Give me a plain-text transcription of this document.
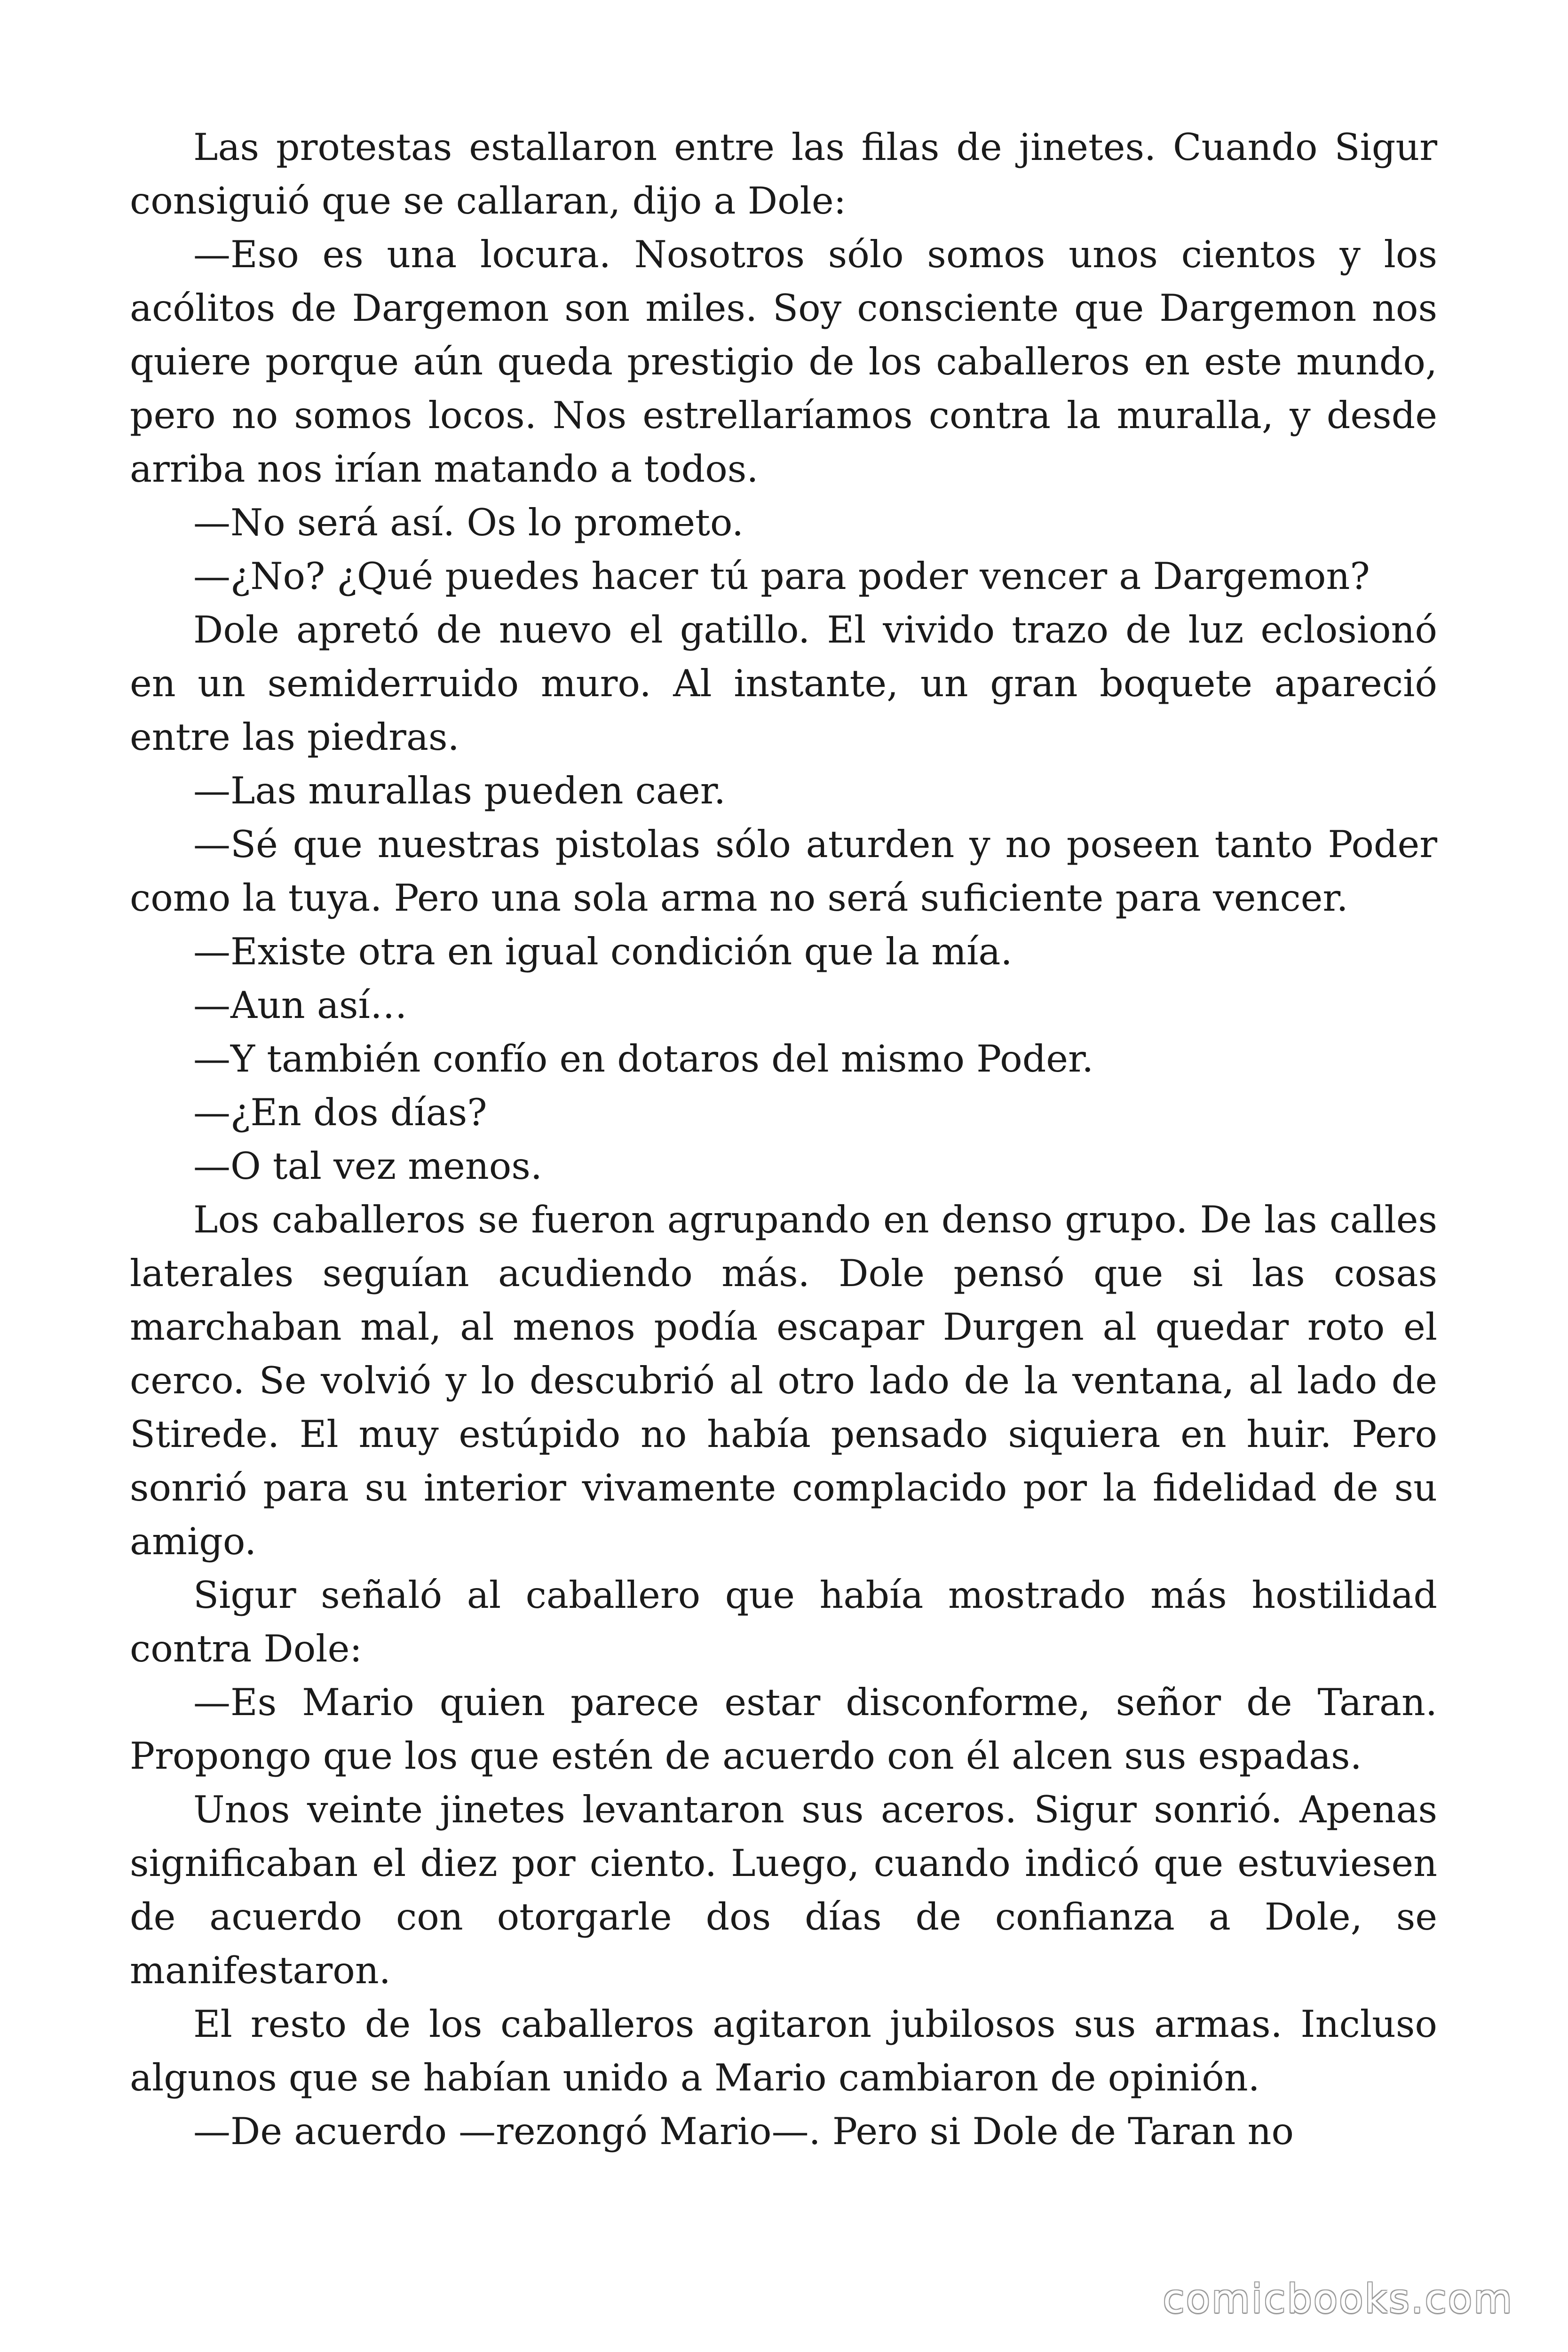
Las protestas estallaron entre las filas de jinetes. Cuando Sigur consiguió que se callaran, dijo a Dole:

—Eso es una locura. Nosotros sólo somos unos cientos y los acólitos de Dargemon son miles. Soy consciente que Dargemon nos quiere porque aún queda prestigio de los caballeros en este mundo, pero no somos locos. Nos estrellaríamos contra la muralla, y desde arriba nos irían matando a todos.

—No será así. Os lo prometo.

—¿No? ¿Qué puedes hacer tú para poder vencer a Dargemon?

Dole apretó de nuevo el gatillo. El vivido trazo de luz eclosionó en un semiderruido muro. Al instante, un gran boquete apareció entre las piedras.

—Las murallas pueden caer.

—Sé que nuestras pistolas sólo aturden y no poseen tanto Poder como la tuya. Pero una sola arma no será suficiente para vencer.

—Existe otra en igual condición que la mía.

—Aun así…

—Y también confío en dotaros del mismo Poder.

—¿En dos días?

—O tal vez menos.

Los caballeros se fueron agrupando en denso grupo. De las calles laterales seguían acudiendo más. Dole pensó que si las cosas marchaban mal, al menos podía escapar Durgen al quedar roto el cerco. Se volvió y lo descubrió al otro lado de la ventana, al lado de Stirede. El muy estúpido no había pensado siquiera en huir. Pero sonrió para su interior vivamente complacido por la fidelidad de su amigo.

Sigur señaló al caballero que había mostrado más hostilidad contra Dole:

—Es Mario quien parece estar disconforme, señor de Taran. Propongo que los que estén de acuerdo con él alcen sus espadas.

Unos veinte jinetes levantaron sus aceros. Sigur sonrió. Apenas significaban el diez por ciento. Luego, cuando indicó que estuviesen de acuerdo con otorgarle dos días de confianza a Dole, se manifestaron.

El resto de los caballeros agitaron jubilosos sus armas. Incluso algunos que se habían unido a Mario cambiaron de opinión.

—De acuerdo —rezongó Mario—. Pero si Dole de Taran no

comicbooks.com
